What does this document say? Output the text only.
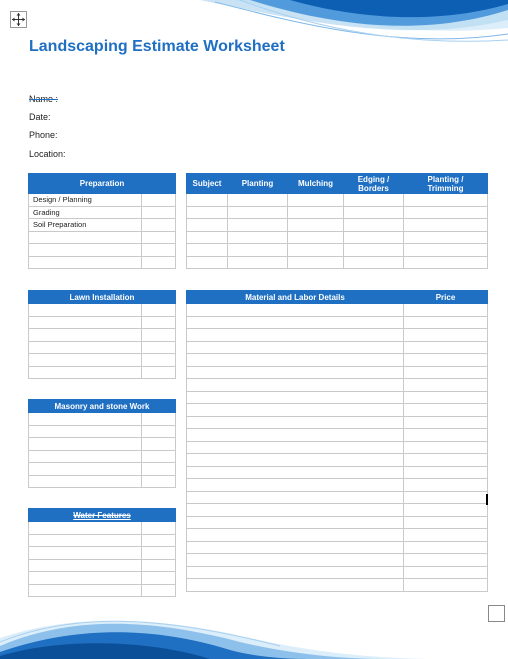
Landscaping Estimate Worksheet
Name :
Date:
Phone:
Location:
Preparation	
Design / Planning	
Grading	
Soil Preparation	

Subject	Planting	Mulching	Edging / Borders	Planting / Trimming

Lawn Installation	

Masonry and stone Work	

Water Features	

Material and Labor Details	Price
